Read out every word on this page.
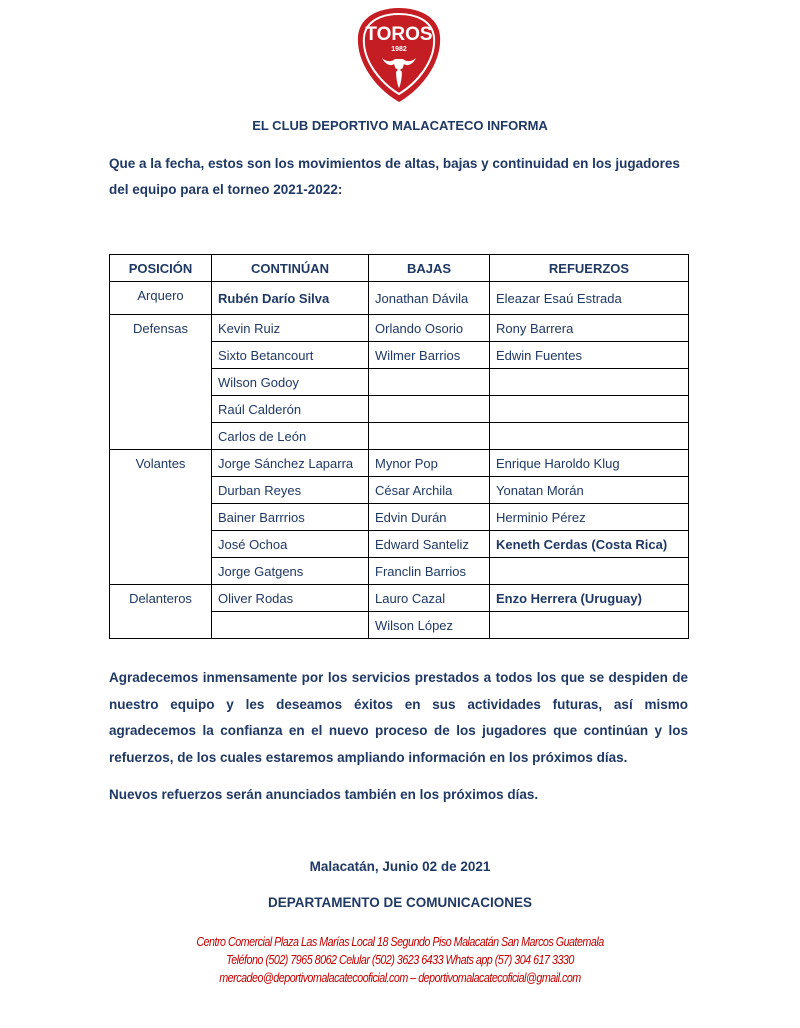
TOROS
1982
EL CLUB DEPORTIVO MALACATECO INFORMA
Que a la fecha, estos son los movimientos de altas, bajas y continuidad en los jugadores del equipo para el torneo 2021-2022:
POSICIÓN	CONTINÚAN	BAJAS	REFUERZOS
Arquero	Rubén Darío Silva	Jonathan Dávila	Eleazar Esaú Estrada
Defensas	Kevin Ruiz	Orlando Osorio	Rony Barrera
	Sixto Betancourt	Wilmer Barrios	Edwin Fuentes
	Wilson Godoy		
	Raúl Calderón		
	Carlos de León		
Volantes	Jorge Sánchez Laparra	Mynor Pop	Enrique Haroldo Klug
	Durban Reyes	César Archila	Yonatan Morán
	Bainer Barrrios	Edvin Durán	Herminio Pérez
	José Ochoa	Edward Santeliz	Keneth Cerdas (Costa Rica)
	Jorge Gatgens	Franclin Barrios	
Delanteros	Oliver Rodas	Lauro Cazal	Enzo Herrera (Uruguay)
		Wilson López	
Agradecemos inmensamente por los servicios prestados a todos los que se despiden de nuestro equipo y les deseamos éxitos en sus actividades futuras, así mismo agradecemos la confianza en el nuevo proceso de los jugadores que continúan y los refuerzos, de los cuales estaremos ampliando información en los próximos días.
Nuevos refuerzos serán anunciados también en los próximos días.
Malacatán, Junio 02 de 2021
DEPARTAMENTO DE COMUNICACIONES
Centro Comercial Plaza Las Marías Local 18 Segundo Piso Malacatán San Marcos Guatemala
Teléfono (502) 7965 8062 Celular (502) 3623 6433 Whats app (57) 304 617 3330
mercadeo@deportivomalacatecooficial.com – deportivomalacatecoficial@gmail.com
